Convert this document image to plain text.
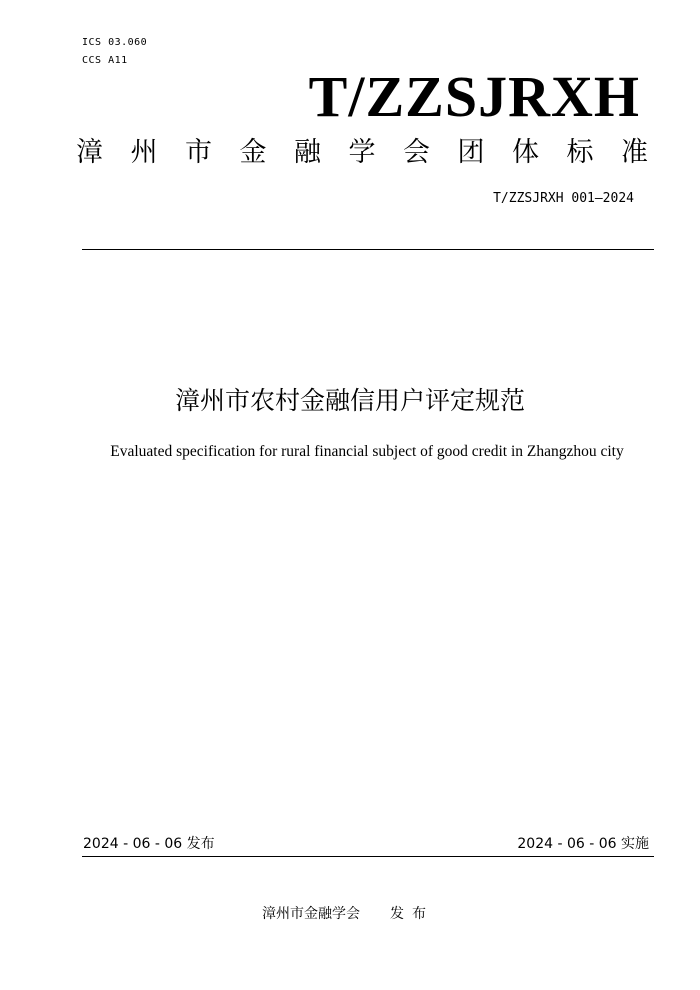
ICS 03.060
CCS A11
T/ZZSJRXH
漳 州 市 金 融 学 会 团 体 标 准
T/ZZSJRXH 001—2024
漳州市农村金融信用户评定规范
Evaluated specification for rural financial subject of good credit in Zhangzhou city
2024 - 06 - 06 发布	2024 - 06 - 06 实施
漳州市金融学会 发布
